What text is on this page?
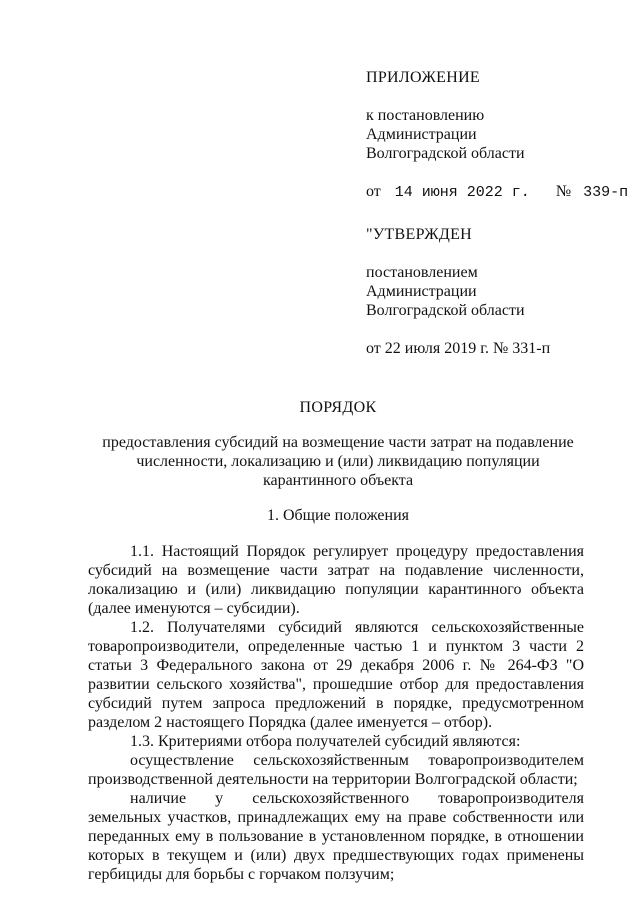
ПРИЛОЖЕНИЕ
к постановлению
Администрации
Волгоградской области
от 14 июня 2022 г. № 339-п
"УТВЕРЖДЕН
постановлением
Администрации
Волгоградской области
от 22 июля 2019 г. № 331-п
ПОРЯДОК
предоставления субсидий на возмещение части затрат на подавление численности, локализацию и (или) ликвидацию популяции карантинного объекта
1. Общие положения

1.1. Настоящий Порядок регулирует процедуру предоставления субсидий на возмещение части затрат на подавление численности, локализацию и (или) ликвидацию популяции карантинного объекта (далее именуются – субсидии).

1.2. Получателями субсидий являются сельскохозяйственные товаропроизводители, определенные частью 1 и пунктом 3 части 2 статьи 3 Федерального закона от 29 декабря 2006 г. № 264-ФЗ "О развитии сельского хозяйства", прошедшие отбор для предоставления субсидий путем запроса предложений в порядке, предусмотренном разделом 2 настоящего Порядка (далее именуется – отбор).

1.3. Критериями отбора получателей субсидий являются:

осуществление сельскохозяйственным товаропроизводителем производственной деятельности на территории Волгоградской области;

наличие у сельскохозяйственного товаропроизводителя земельных участков, принадлежащих ему на праве собственности или переданных ему в пользование в установленном порядке, в отношении которых в текущем и (или) двух предшествующих годах применены гербициды для борьбы с горчаком ползучим;
